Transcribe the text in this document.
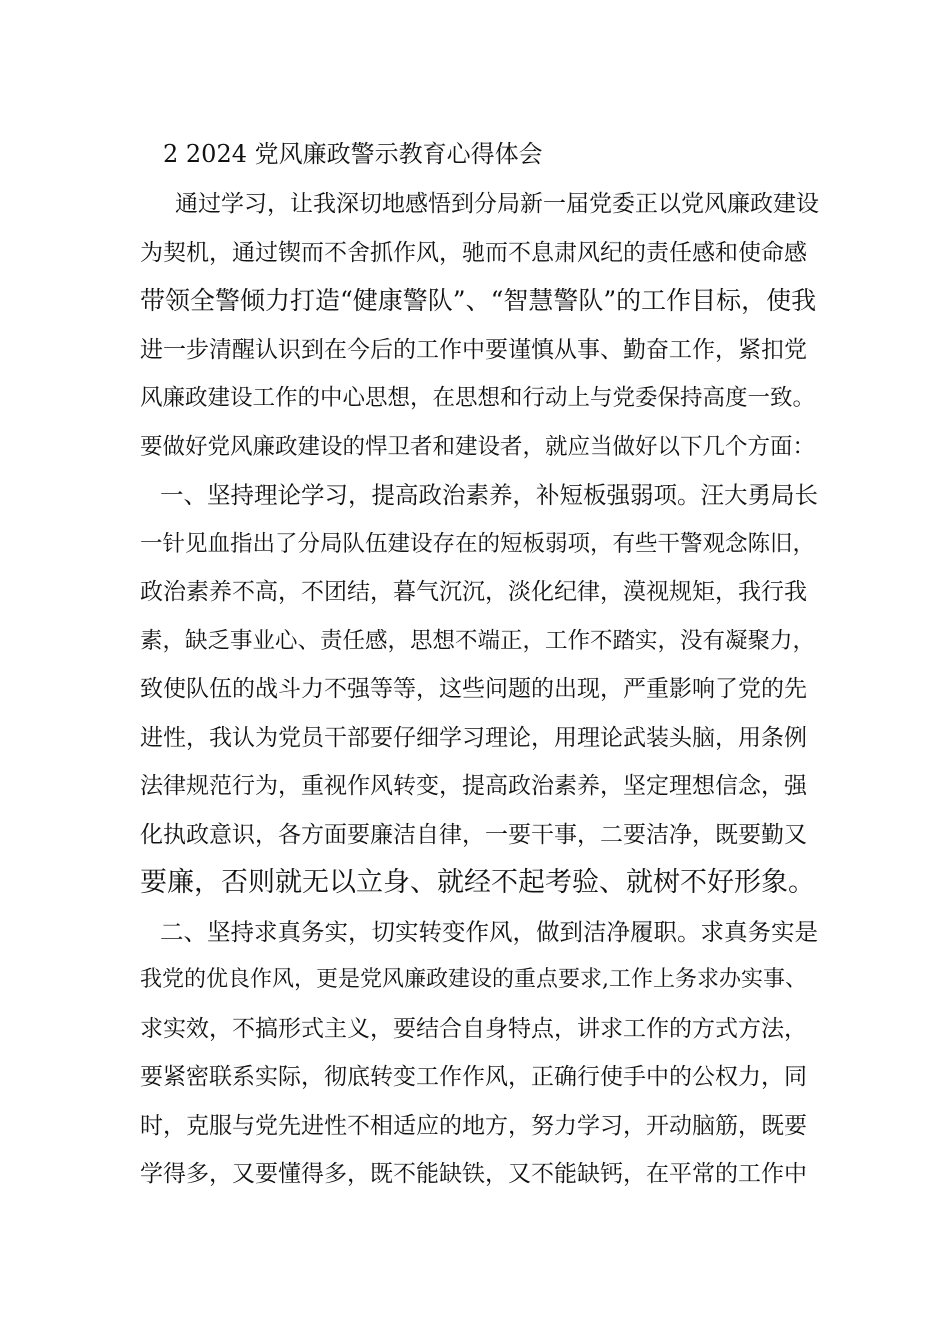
2 2024 党风廉政警示教育心得体会
通过学习，让我深切地感悟到分局新一届党委正以党风廉政建设
为契机，通过锲而不舍抓作风，驰而不息肃风纪的责任感和使命感
带领全警倾力打造“健康警队”、“智慧警队”的工作目标，使我
进一步清醒认识到在今后的工作中要谨慎从事、勤奋工作，紧扣党
风廉政建设工作的中心思想，在思想和行动上与党委保持高度一致。
要做好党风廉政建设的悍卫者和建设者，就应当做好以下几个方面：
一、坚持理论学习，提高政治素养，补短板强弱项。汪大勇局长
一针见血指出了分局队伍建设存在的短板弱项，有些干警观念陈旧，
政治素养不高，不团结，暮气沉沉，淡化纪律，漠视规矩，我行我
素，缺乏事业心、责任感，思想不端正，工作不踏实，没有凝聚力，
致使队伍的战斗力不强等等，这些问题的出现，严重影响了党的先
进性，我认为党员干部要仔细学习理论，用理论武装头脑，用条例
法律规范行为，重视作风转变，提高政治素养，坚定理想信念，强
化执政意识，各方面要廉洁自律，一要干事，二要洁净，既要勤又
要廉，否则就无以立身、就经不起考验、就树不好形象。
二、坚持求真务实，切实转变作风，做到洁净履职。求真务实是
我党的优良作风，更是党风廉政建设的重点要求,工作上务求办实事、
求实效，不搞形式主义，要结合自身特点，讲求工作的方式方法，
要紧密联系实际，彻底转变工作作风，正确行使手中的公权力，同
时，克服与党先进性不相适应的地方，努力学习，开动脑筋，既要
学得多，又要懂得多，既不能缺铁，又不能缺钙，在平常的工作中
